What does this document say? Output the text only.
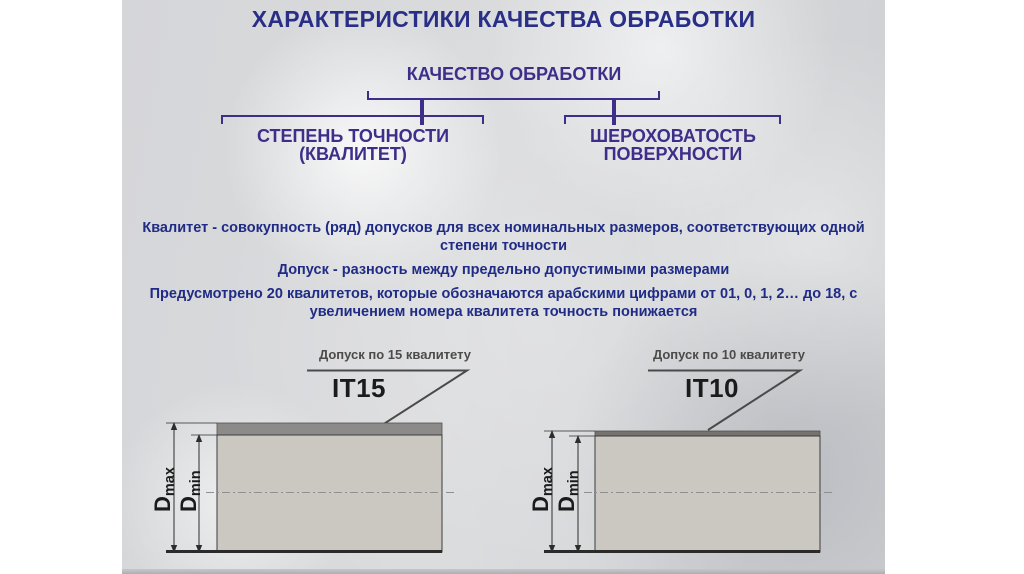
ХАРАКТЕРИСТИКИ КАЧЕСТВА ОБРАБОТКИ
КАЧЕСТВО ОБРАБОТКИ
СТЕПЕНЬ ТОЧНОСТИ
(КВАЛИТЕТ)
ШЕРОХОВАТОСТЬ
ПОВЕРХНОСТИ
Квалитет - совокупность (ряд) допусков для всех номинальных размеров, соответствующих одной
степени точности
Допуск - разность между предельно допустимыми размерами
Предусмотрено 20 квалитетов, которые обозначаются арабскими цифрами от 01, 0, 1, 2… до 18, с
увеличением номера квалитета точность понижается
Допуск по 15 квалитету	Допуск по 10 квалитету
IT15	IT10
Dmax
Dmin
Dmax
Dmin
